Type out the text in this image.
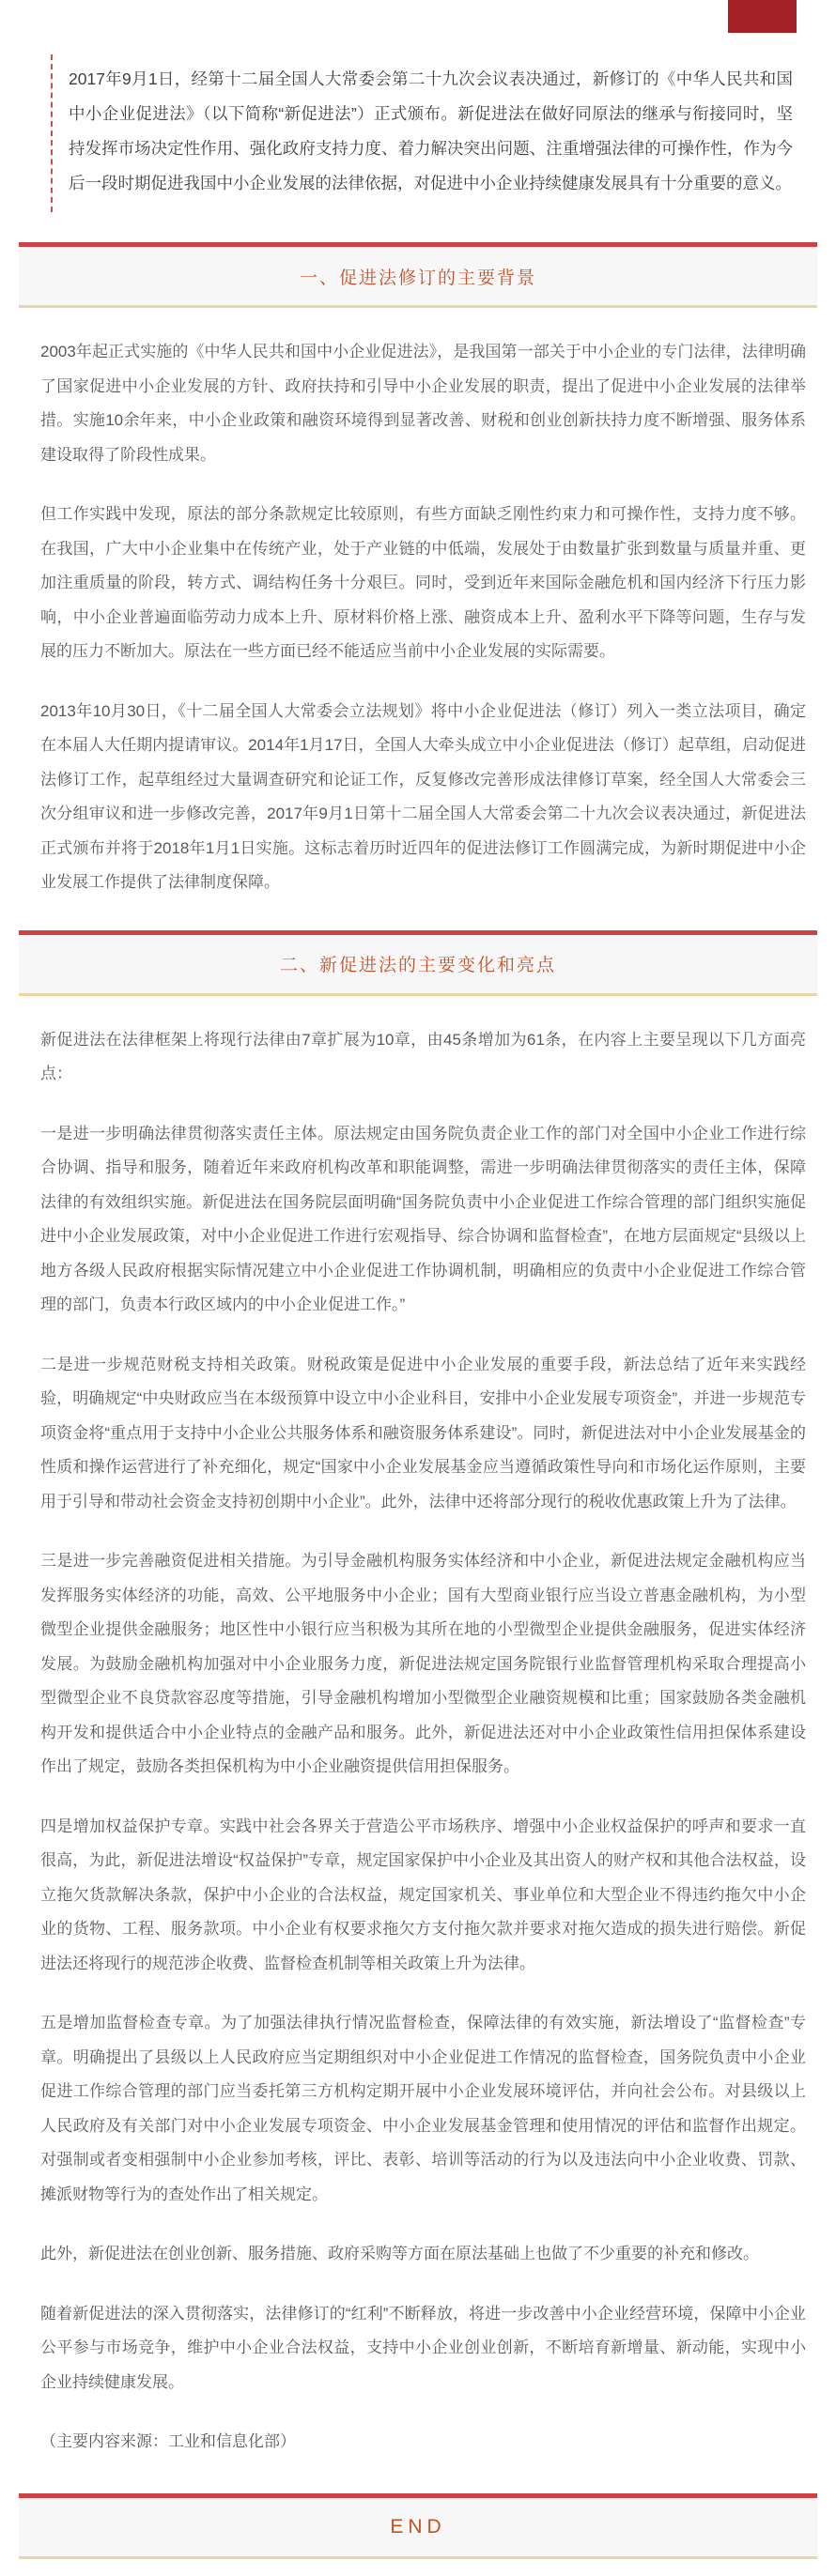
2017年9月1日，经第十二届全国人大常委会第二十九次会议表决通过，新修订的《中华人民共和国中小企业促进法》（以下简称“新促进法”）正式颁布。新促进法在做好同原法的继承与衔接同时，坚持发挥市场决定性作用、强化政府支持力度、着力解决突出问题、注重增强法律的可操作性，作为今后一段时期促进我国中小企业发展的法律依据，对促进中小企业持续健康发展具有十分重要的意义。
一、促进法修订的主要背景

2003年起正式实施的《中华人民共和国中小企业促进法》，是我国第一部关于中小企业的专门法律，法律明确了国家促进中小企业发展的方针、政府扶持和引导中小企业发展的职责，提出了促进中小企业发展的法律举措。实施10余年来，中小企业政策和融资环境得到显著改善、财税和创业创新扶持力度不断增强、服务体系建设取得了阶段性成果。

但工作实践中发现，原法的部分条款规定比较原则，有些方面缺乏刚性约束力和可操作性，支持力度不够。在我国，广大中小企业集中在传统产业，处于产业链的中低端，发展处于由数量扩张到数量与质量并重、更加注重质量的阶段，转方式、调结构任务十分艰巨。同时，受到近年来国际金融危机和国内经济下行压力影响，中小企业普遍面临劳动力成本上升、原材料价格上涨、融资成本上升、盈利水平下降等问题，生存与发展的压力不断加大。原法在一些方面已经不能适应当前中小企业发展的实际需要。

2013年10月30日，《十二届全国人大常委会立法规划》将中小企业促进法（修订）列入一类立法项目，确定在本届人大任期内提请审议。2014年1月17日，全国人大牵头成立中小企业促进法（修订）起草组，启动促进法修订工作，起草组经过大量调查研究和论证工作，反复修改完善形成法律修订草案，经全国人大常委会三次分组审议和进一步修改完善，2017年9月1日第十二届全国人大常委会第二十九次会议表决通过，新促进法正式颁布并将于2018年1月1日实施。这标志着历时近四年的促进法修订工作圆满完成，为新时期促进中小企业发展工作提供了法律制度保障。

二、新促进法的主要变化和亮点

新促进法在法律框架上将现行法律由7章扩展为10章，由45条增加为61条，在内容上主要呈现以下几方面亮点：

一是进一步明确法律贯彻落实责任主体。原法规定由国务院负责企业工作的部门对全国中小企业工作进行综合协调、指导和服务，随着近年来政府机构改革和职能调整，需进一步明确法律贯彻落实的责任主体，保障法律的有效组织实施。新促进法在国务院层面明确“国务院负责中小企业促进工作综合管理的部门组织实施促进中小企业发展政策，对中小企业促进工作进行宏观指导、综合协调和监督检查”，在地方层面规定“县级以上地方各级人民政府根据实际情况建立中小企业促进工作协调机制，明确相应的负责中小企业促进工作综合管理的部门，负责本行政区域内的中小企业促进工作。”

二是进一步规范财税支持相关政策。财税政策是促进中小企业发展的重要手段，新法总结了近年来实践经验，明确规定“中央财政应当在本级预算中设立中小企业科目，安排中小企业发展专项资金”，并进一步规范专项资金将“重点用于支持中小企业公共服务体系和融资服务体系建设”。同时，新促进法对中小企业发展基金的性质和操作运营进行了补充细化，规定“国家中小企业发展基金应当遵循政策性导向和市场化运作原则，主要用于引导和带动社会资金支持初创期中小企业”。此外，法律中还将部分现行的税收优惠政策上升为了法律。

三是进一步完善融资促进相关措施。为引导金融机构服务实体经济和中小企业，新促进法规定金融机构应当发挥服务实体经济的功能，高效、公平地服务中小企业；国有大型商业银行应当设立普惠金融机构，为小型微型企业提供金融服务；地区性中小银行应当积极为其所在地的小型微型企业提供金融服务，促进实体经济发展。为鼓励金融机构加强对中小企业服务力度，新促进法规定国务院银行业监督管理机构采取合理提高小型微型企业不良贷款容忍度等措施，引导金融机构增加小型微型企业融资规模和比重；国家鼓励各类金融机构开发和提供适合中小企业特点的金融产品和服务。此外，新促进法还对中小企业政策性信用担保体系建设作出了规定，鼓励各类担保机构为中小企业融资提供信用担保服务。

四是增加权益保护专章。实践中社会各界关于营造公平市场秩序、增强中小企业权益保护的呼声和要求一直很高，为此，新促进法增设“权益保护”专章，规定国家保护中小企业及其出资人的财产权和其他合法权益，设立拖欠货款解决条款，保护中小企业的合法权益，规定国家机关、事业单位和大型企业不得违约拖欠中小企业的货物、工程、服务款项。中小企业有权要求拖欠方支付拖欠款并要求对拖欠造成的损失进行赔偿。新促进法还将现行的规范涉企收费、监督检查机制等相关政策上升为法律。

五是增加监督检查专章。为了加强法律执行情况监督检查，保障法律的有效实施，新法增设了“监督检查”专章。明确提出了县级以上人民政府应当定期组织对中小企业促进工作情况的监督检查，国务院负责中小企业促进工作综合管理的部门应当委托第三方机构定期开展中小企业发展环境评估，并向社会公布。对县级以上人民政府及有关部门对中小企业发展专项资金、中小企业发展基金管理和使用情况的评估和监督作出规定。对强制或者变相强制中小企业参加考核，评比、表彰、培训等活动的行为以及违法向中小企业收费、罚款、摊派财物等行为的查处作出了相关规定。

此外，新促进法在创业创新、服务措施、政府采购等方面在原法基础上也做了不少重要的补充和修改。

随着新促进法的深入贯彻落实，法律修订的“红利”不断释放，将进一步改善中小企业经营环境，保障中小企业公平参与市场竞争，维护中小企业合法权益，支持中小企业创业创新，不断培育新增量、新动能，实现中小企业持续健康发展。

（主要内容来源：工业和信息化部）

END
